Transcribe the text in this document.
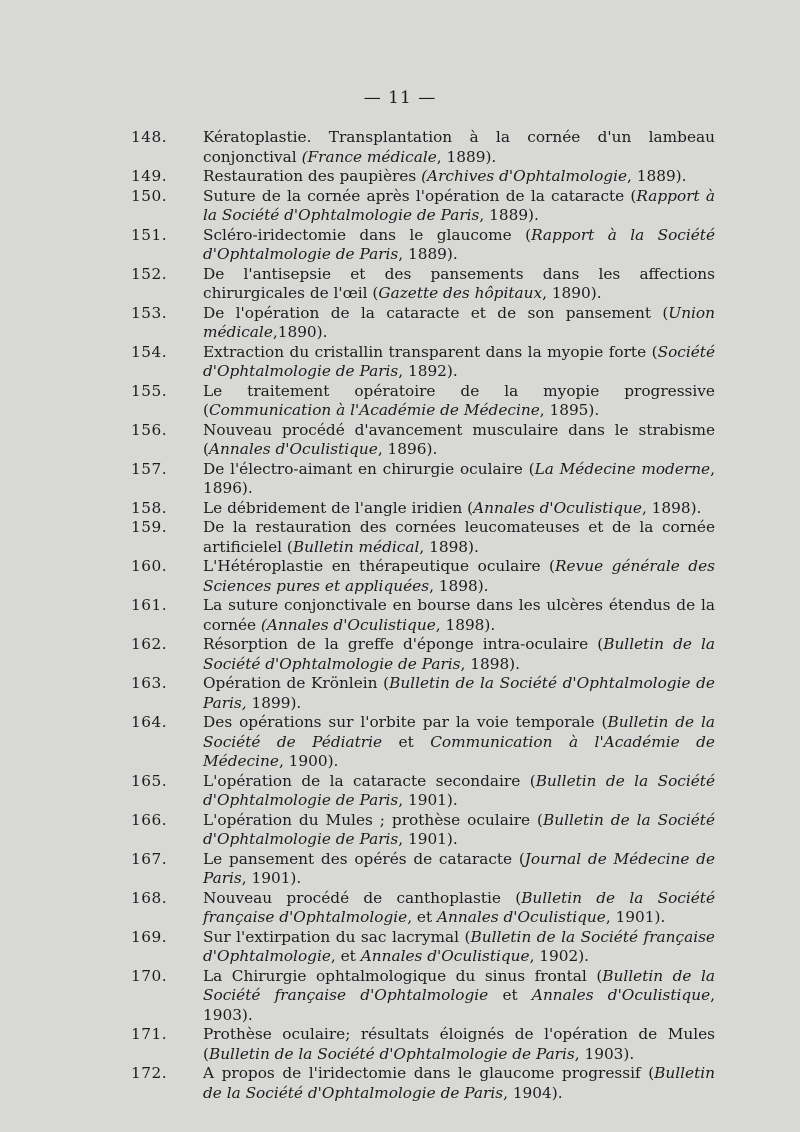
— 11 —
148.	Kératoplastie. Transplantation à la cornée d'un lambeau conjonctival (France médicale, 1889).
149.	Restauration des paupières (Archives d'Ophtalmologie, 1889).
150.	Suture de la cornée après l'opération de la cataracte (Rapport à la Société d'Ophtalmologie de Paris, 1889).
151.	Scléro-iridectomie dans le glaucome (Rapport à la Société d'Ophtalmologie de Paris, 1889).
152.	De l'antisepsie et des pansements dans les affections chirurgicales de l'œil (Gazette des hôpitaux, 1890).
153.	De l'opération de la cataracte et de son pansement (Union médicale,1890).
154.	Extraction du cristallin transparent dans la myopie forte (Société d'Ophtalmologie de Paris, 1892).
155.	Le traitement opératoire de la myopie progressive (Communication à l'Académie de Médecine, 1895).
156.	Nouveau procédé d'avancement musculaire dans le strabisme (Annales d'Oculistique, 1896).
157.	De l'électro-aimant en chirurgie oculaire (La Médecine moderne, 1896).
158.	Le débridement de l'angle iridien (Annales d'Oculistique, 1898).
159.	De la restauration des cornées leucomateuses et de la cornée artificielel (Bulletin médical, 1898).
160.	L'Hétéroplastie en thérapeutique oculaire (Revue générale des Sciences pures et appliquées, 1898).
161.	La suture conjonctivale en bourse dans les ulcères étendus de la cornée (Annales d'Oculistique, 1898).
162.	Résorption de la greffe d'éponge intra-oculaire (Bulletin de la Société d'Ophtalmologie de Paris, 1898).
163.	Opération de Krönlein (Bulletin de la Société d'Ophtalmologie de Paris, 1899).
164.	Des opérations sur l'orbite par la voie temporale (Bulletin de la Société de Pédiatrie et Communication à l'Académie de Médecine, 1900).
165.	L'opération de la cataracte secondaire (Bulletin de la Société d'Ophtalmologie de Paris, 1901).
166.	L'opération du Mules ; prothèse oculaire (Bulletin de la Société d'Ophtalmologie de Paris, 1901).
167.	Le pansement des opérés de cataracte (Journal de Médecine de Paris, 1901).
168.	Nouveau procédé de canthoplastie (Bulletin de la Société française d'Ophtalmologie, et Annales d'Oculistique, 1901).
169.	Sur l'extirpation du sac lacrymal (Bulletin de la Société française d'Ophtalmologie, et Annales d'Oculistique, 1902).
170.	La Chirurgie ophtalmologique du sinus frontal (Bulletin de la Société française d'Ophtalmologie et Annales d'Oculistique, 1903).
171.	Prothèse oculaire; résultats éloignés de l'opération de Mules (Bulletin de la Société d'Ophtalmologie de Paris, 1903).
172.	A propos de l'iridectomie dans le glaucome progressif (Bulletin de la Société d'Ophtalmologie de Paris, 1904).
